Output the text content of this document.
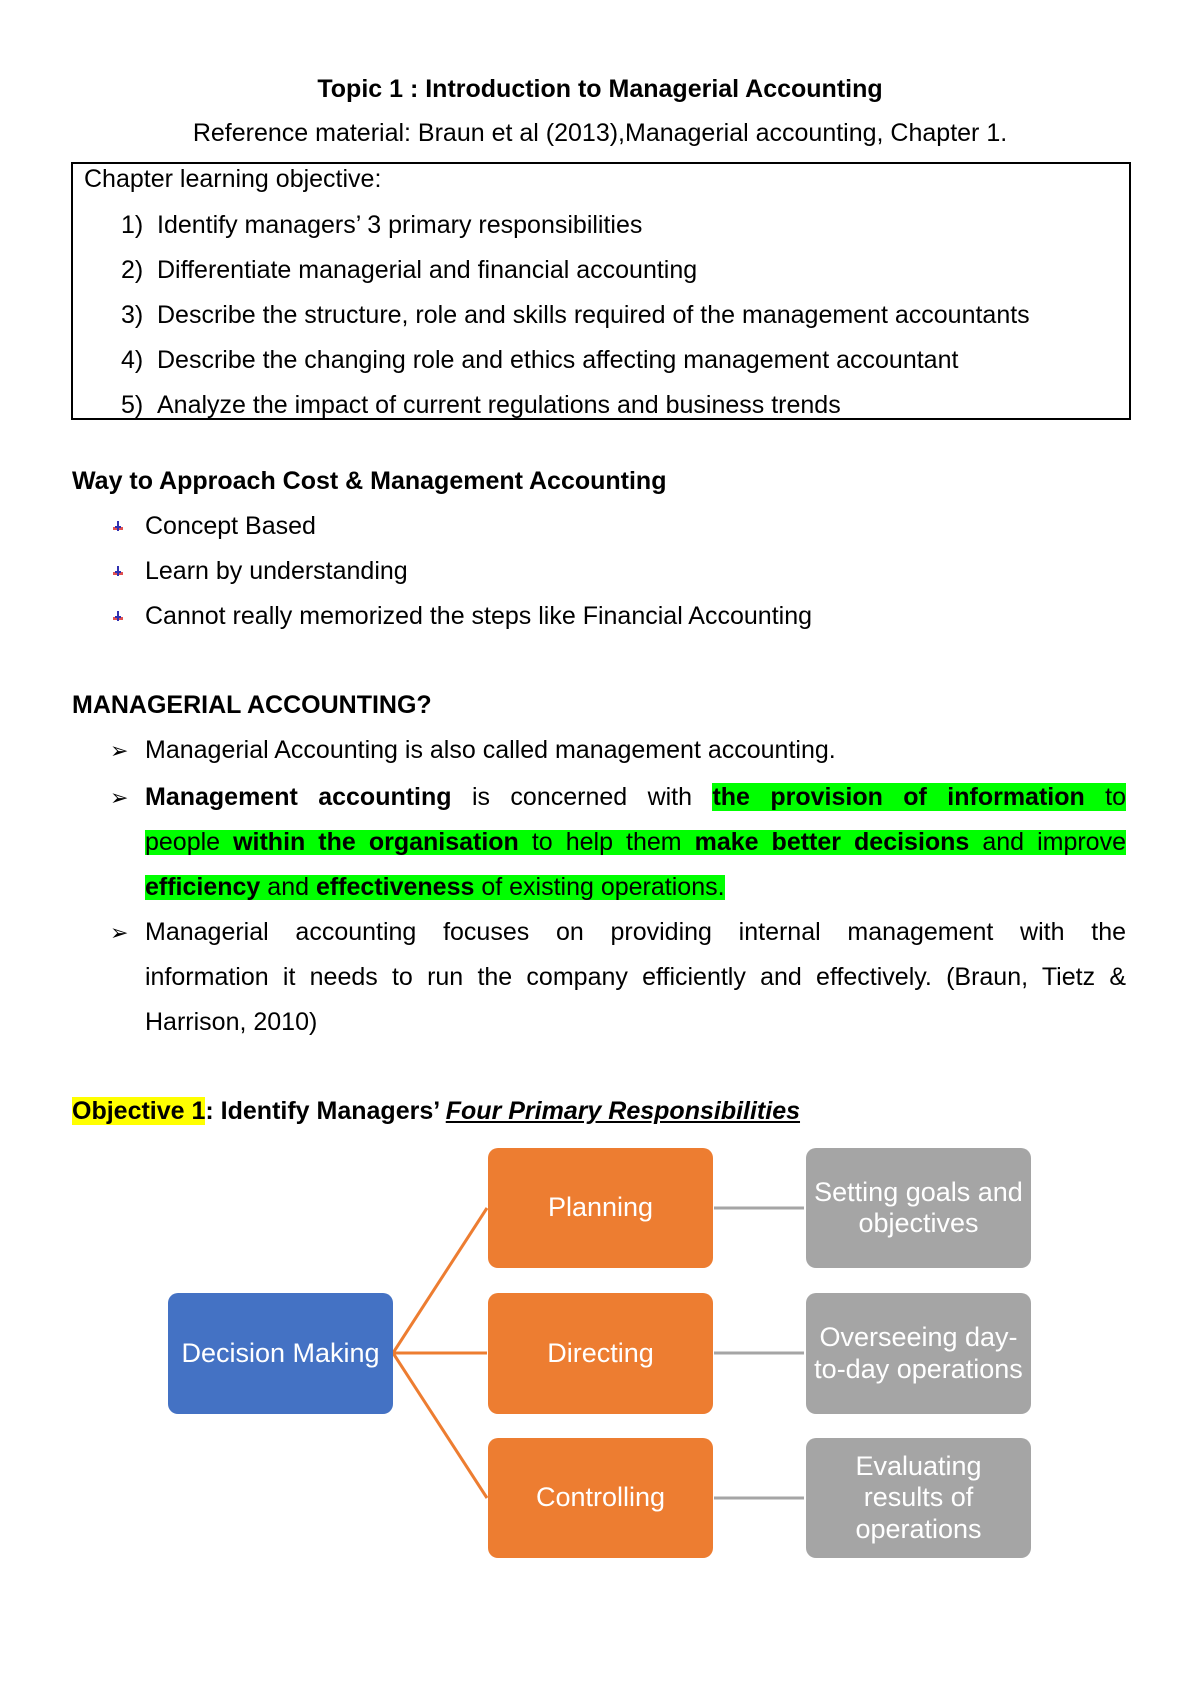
Topic 1 : Introduction to Managerial Accounting
Reference material: Braun et al (2013),Managerial accounting, Chapter 1.
Chapter learning objective:
1) Identify managers’ 3 primary responsibilities
2) Differentiate managerial and financial accounting
3) Describe the structure, role and skills required of the management accountants
4) Describe the changing role and ethics affecting management accountant
5) Analyze the impact of current regulations and business trends
Way to Approach Cost & Management Accounting
Concept Based
Learn by understanding
Cannot really memorized the steps like Financial Accounting
MANAGERIAL ACCOUNTING?
➢ Managerial Accounting is also called management accounting.
➢ Management accounting is concerned with the provision of information to
people within the organisation to help them make better decisions and improve
efficiency and effectiveness of existing operations.
➢ Managerial accounting focuses on providing internal management with the
information it needs to run the company efficiently and effectively. (Braun, Tietz &
Harrison, 2010)
Objective 1: Identify Managers’ Four Primary Responsibilities
Decision Making
Planning
Directing
Controlling
Setting goals and objectives
Overseeing day-to-day operations
Evaluating results of operations
